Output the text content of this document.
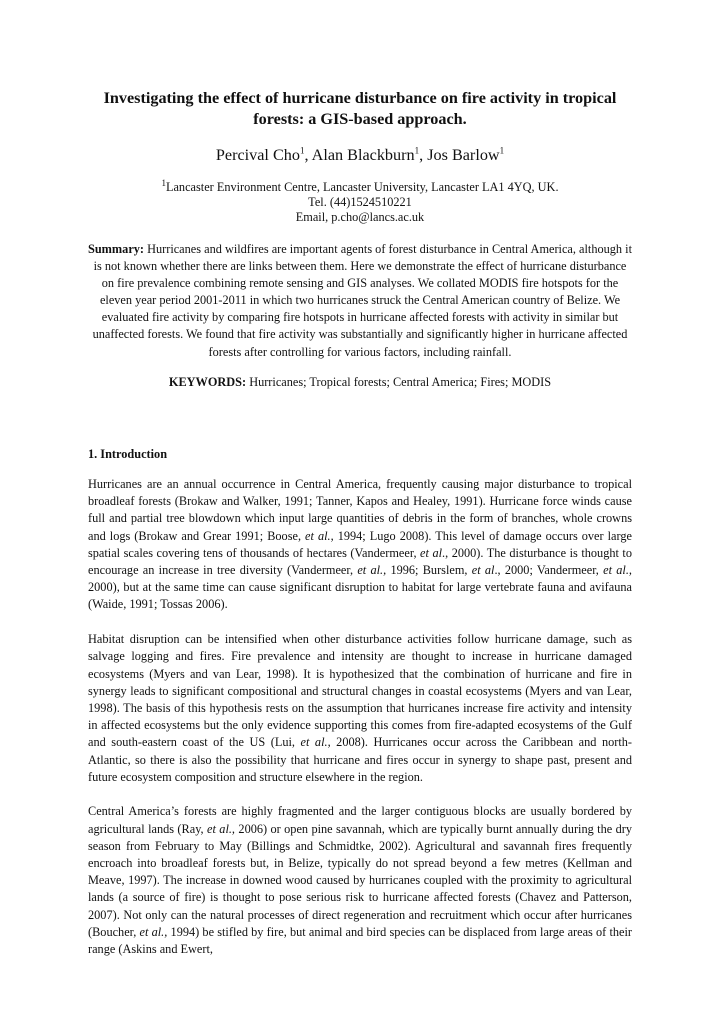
Investigating the effect of hurricane disturbance on fire activity in tropical forests: a GIS-based approach.
Percival Cho$^1$, Alan Blackburn$^1$, Jos Barlow$^1$
$^1$Lancaster Environment Centre, Lancaster University, Lancaster LA1 4YQ, UK.
Tel. (44)1524510221
Email, p.cho@lancs.ac.uk
Summary: Hurricanes and wildfires are important agents of forest disturbance in Central America, although it is not known whether there are links between them. Here we demonstrate the effect of hurricane disturbance on fire prevalence combining remote sensing and GIS analyses. We collated MODIS fire hotspots for the eleven year period 2001-2011 in which two hurricanes struck the Central American country of Belize. We evaluated fire activity by comparing fire hotspots in hurricane affected forests with activity in similar but unaffected forests. We found that fire activity was substantially and significantly higher in hurricane affected forests after controlling for various factors, including rainfall.
KEYWORDS: Hurricanes; Tropical forests; Central America; Fires; MODIS
1. Introduction

Hurricanes are an annual occurrence in Central America, frequently causing major disturbance to tropical broadleaf forests (Brokaw and Walker, 1991; Tanner, Kapos and Healey, 1991). Hurricane force winds cause full and partial tree blowdown which input large quantities of debris in the form of branches, whole crowns and logs (Brokaw and Grear 1991; Boose, et al., 1994; Lugo 2008). This level of damage occurs over large spatial scales covering tens of thousands of hectares (Vandermeer, et al., 2000). The disturbance is thought to encourage an increase in tree diversity (Vandermeer, et al., 1996; Burslem, et al., 2000; Vandermeer, et al., 2000), but at the same time can cause significant disruption to habitat for large vertebrate fauna and avifauna (Waide, 1991; Tossas 2006).

Habitat disruption can be intensified when other disturbance activities follow hurricane damage, such as salvage logging and fires. Fire prevalence and intensity are thought to increase in hurricane damaged ecosystems (Myers and van Lear, 1998). It is hypothesized that the combination of hurricane and fire in synergy leads to significant compositional and structural changes in coastal ecosystems (Myers and van Lear, 1998). The basis of this hypothesis rests on the assumption that hurricanes increase fire activity and intensity in affected ecosystems but the only evidence supporting this comes from fire-adapted ecosystems of the Gulf and south-eastern coast of the US (Lui, et al., 2008). Hurricanes occur across the Caribbean and north-Atlantic, so there is also the possibility that hurricane and fires occur in synergy to shape past, present and future ecosystem composition and structure elsewhere in the region.

Central America’s forests are highly fragmented and the larger contiguous blocks are usually bordered by agricultural lands (Ray, et al., 2006) or open pine savannah, which are typically burnt annually during the dry season from February to May (Billings and Schmidtke, 2002). Agricultural and savannah fires frequently encroach into broadleaf forests but, in Belize, typically do not spread beyond a few metres (Kellman and Meave, 1997). The increase in downed wood caused by hurricanes coupled with the proximity to agricultural lands (a source of fire) is thought to pose serious risk to hurricane affected forests (Chavez and Patterson, 2007). Not only can the natural processes of direct regeneration and recruitment which occur after hurricanes (Boucher, et al., 1994) be stifled by fire, but animal and bird species can be displaced from large areas of their range (Askins and Ewert,
